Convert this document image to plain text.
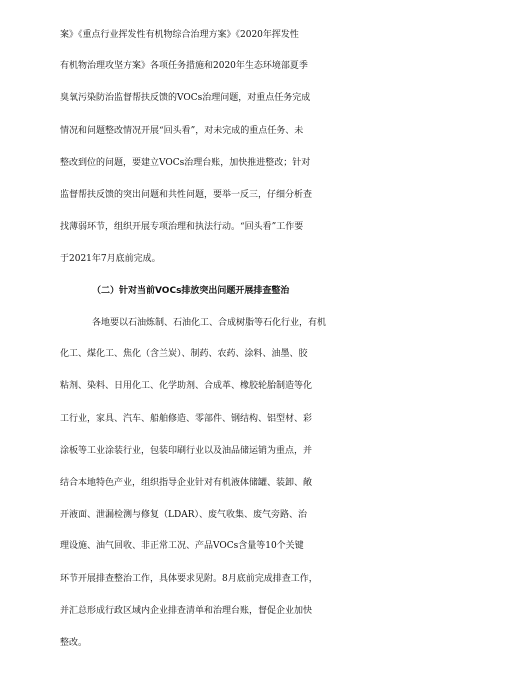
案》《重点行业挥发性有机物综合治理方案》《2020年挥发性
有机物治理攻坚方案》各项任务措施和2020年生态环境部夏季
臭氧污染防治监督帮扶反馈的VOCs治理问题，对重点任务完成
情况和问题整改情况开展“回头看”，对未完成的重点任务、未
整改到位的问题，要建立VOCs治理台账，加快推进整改；针对
监督帮扶反馈的突出问题和共性问题，要举一反三，仔细分析查
找薄弱环节，组织开展专项治理和执法行动。“回头看”工作要
于2021年7月底前完成。
（二）针对当前VOCs排放突出问题开展排查整治
各地要以石油炼制、石油化工、合成树脂等石化行业，有机
化工、煤化工、焦化（含兰炭）、制药、农药、涂料、油墨、胶
粘剂、染料、日用化工、化学助剂、合成革、橡胶轮胎制造等化
工行业，家具、汽车、船舶修造、零部件、钢结构、铝型材、彩
涂板等工业涂装行业，包装印刷行业以及油品储运销为重点，并
结合本地特色产业，组织指导企业针对有机液体储罐、装卸、敞
开液面、泄漏检测与修复（LDAR）、废气收集、废气旁路、治
理设施、油气回收、非正常工况、产品VOCs含量等10个关键
环节开展排查整治工作，具体要求见附。8月底前完成排查工作，
并汇总形成行政区域内企业排查清单和治理台账，督促企业加快
整改。
